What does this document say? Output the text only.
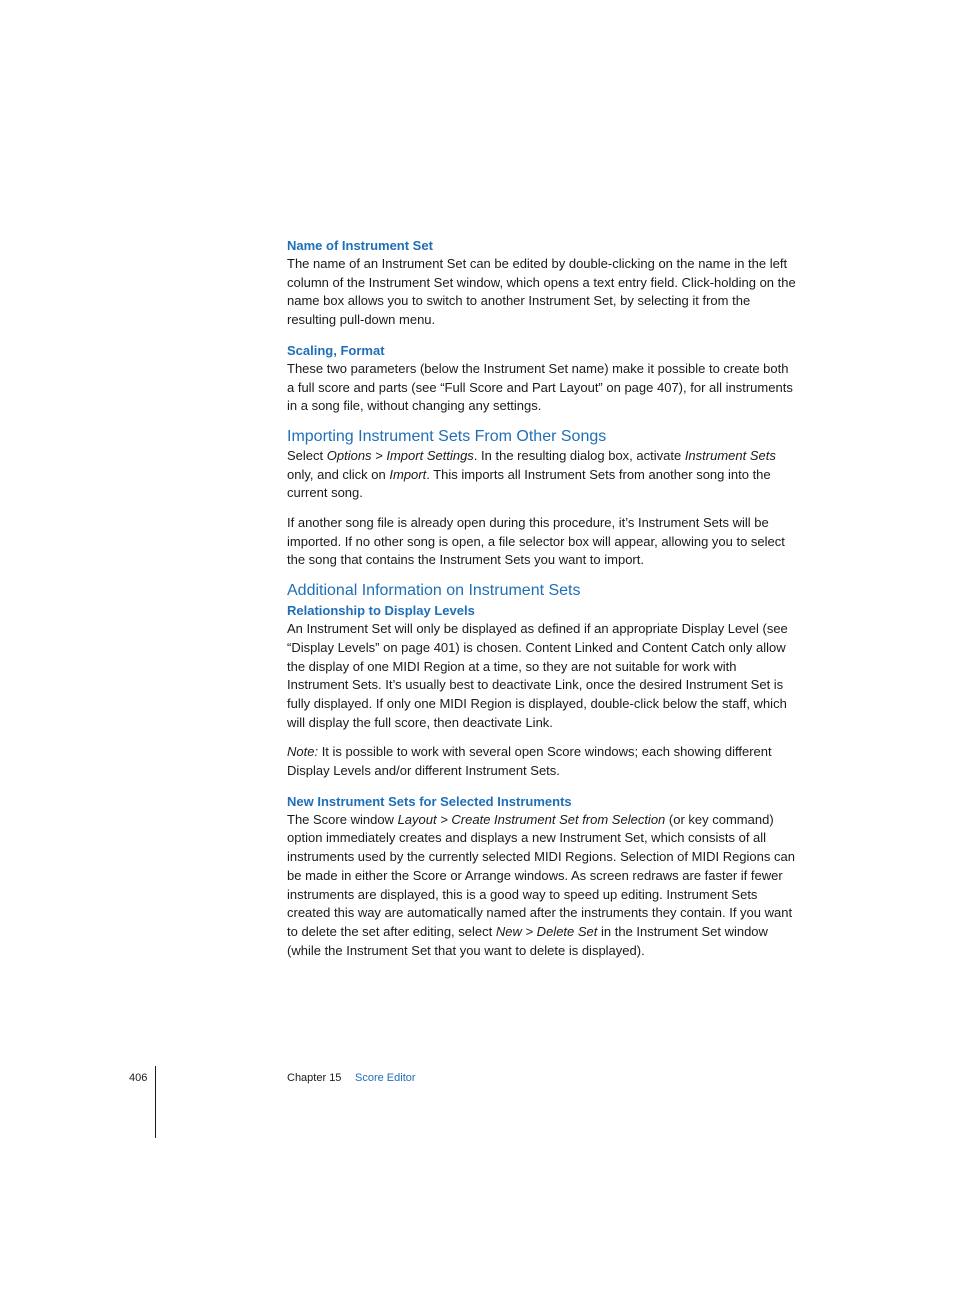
Name of Instrument Set

The name of an Instrument Set can be edited by double-clicking on the name in the left column of the Instrument Set window, which opens a text entry field. Click-holding on the name box allows you to switch to another Instrument Set, by selecting it from the resulting pull-down menu.

Scaling, Format

These two parameters (below the Instrument Set name) make it possible to create both a full score and parts (see “Full Score and Part Layout” on page 407), for all instruments in a song file, without changing any settings.

Importing Instrument Sets From Other Songs

Select Options > Import Settings. In the resulting dialog box, activate Instrument Sets only, and click on Import. This imports all Instrument Sets from another song into the current song.

If another song file is already open during this procedure, it’s Instrument Sets will be imported. If no other song is open, a file selector box will appear, allowing you to select the song that contains the Instrument Sets you want to import.

Additional Information on Instrument Sets
Relationship to Display Levels

An Instrument Set will only be displayed as defined if an appropriate Display Level (see “Display Levels” on page 401) is chosen. Content Linked and Content Catch only allow the display of one MIDI Region at a time, so they are not suitable for work with Instrument Sets. It’s usually best to deactivate Link, once the desired Instrument Set is fully displayed. If only one MIDI Region is displayed, double-click below the staff, which will display the full score, then deactivate Link.

Note: It is possible to work with several open Score windows; each showing different Display Levels and/or different Instrument Sets.

New Instrument Sets for Selected Instruments

The Score window Layout > Create Instrument Set from Selection (or key command) option immediately creates and displays a new Instrument Set, which consists of all instruments used by the currently selected MIDI Regions. Selection of MIDI Regions can be made in either the Score or Arrange windows. As screen redraws are faster if fewer instruments are displayed, this is a good way to speed up editing. Instrument Sets created this way are automatically named after the instruments they contain. If you want to delete the set after editing, select New > Delete Set in the Instrument Set window (while the Instrument Set that you want to delete is displayed).

406	Chapter 15 Score Editor
